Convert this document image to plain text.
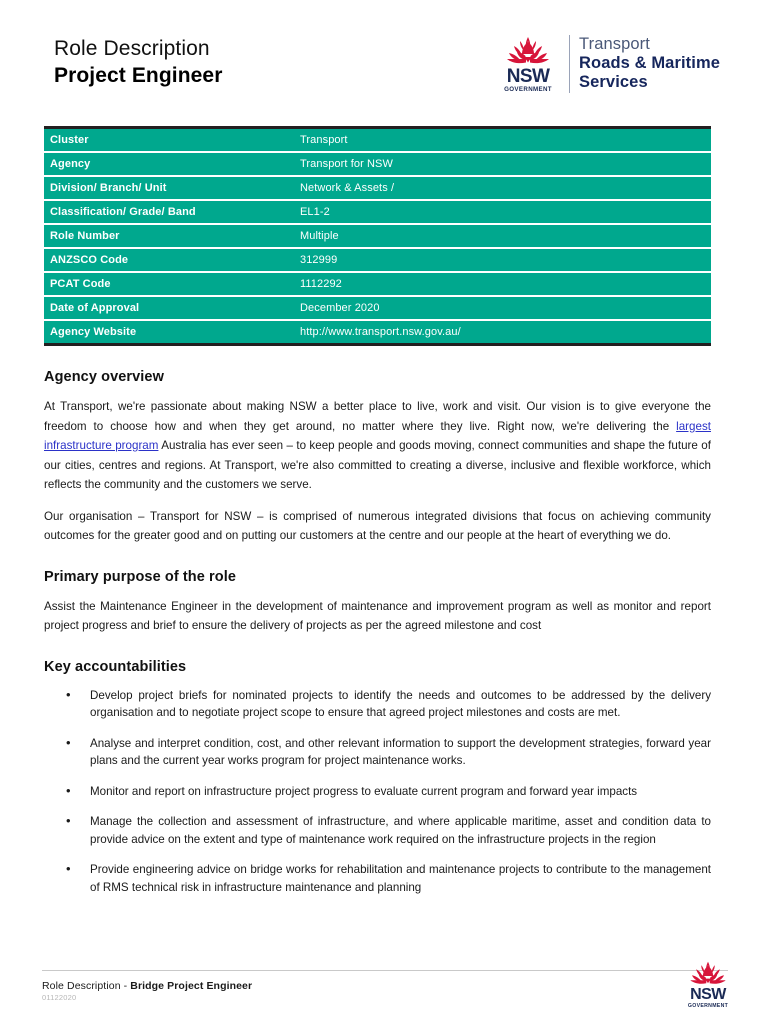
Role Description
Project Engineer	NSW
GOVERNMENT
Transport
Roads & Maritime
Services
Cluster	Transport
Agency	Transport for NSW
Division/ Branch/ Unit	Network & Assets /
Classification/ Grade/ Band	EL1-2
Role Number	Multiple
ANZSCO Code	312999
PCAT Code	1112292
Date of Approval	December 2020
Agency Website	http://www.transport.nsw.gov.au/
Agency overview

At Transport, we're passionate about making NSW a better place to live, work and visit. Our vision is to give everyone the freedom to choose how and when they get around, no matter where they live. Right now, we're delivering the largest infrastructure program Australia has ever seen – to keep people and goods moving, connect communities and shape the future of our cities, centres and regions. At Transport, we're also committed to creating a diverse, inclusive and flexible workforce, which reflects the community and the customers we serve.

Our organisation – Transport for NSW – is comprised of numerous integrated divisions that focus on achieving community outcomes for the greater good and on putting our customers at the centre and our people at the heart of everything we do.

Primary purpose of the role

Assist the Maintenance Engineer in the development of maintenance and improvement program as well as monitor and report project progress and brief to ensure the delivery of projects as per the agreed milestone and cost

Key accountabilities
• Develop project briefs for nominated projects to identify the needs and outcomes to be addressed by the delivery organisation and to negotiate project scope to ensure that agreed project milestones and costs are met.
• Analyse and interpret condition, cost, and other relevant information to support the development strategies, forward year plans and the current year works program for project maintenance works.
• Monitor and report on infrastructure project progress to evaluate current program and forward year impacts
• Manage the collection and assessment of infrastructure, and where applicable maritime, asset and condition data to provide advice on the extent and type of maintenance work required on the infrastructure projects in the region
• Provide engineering advice on bridge works for rehabilitation and maintenance projects to contribute to the management of RMS technical risk in infrastructure maintenance and planning
Role Description - Bridge Project Engineer
01122020	NSW
GOVERNMENT
